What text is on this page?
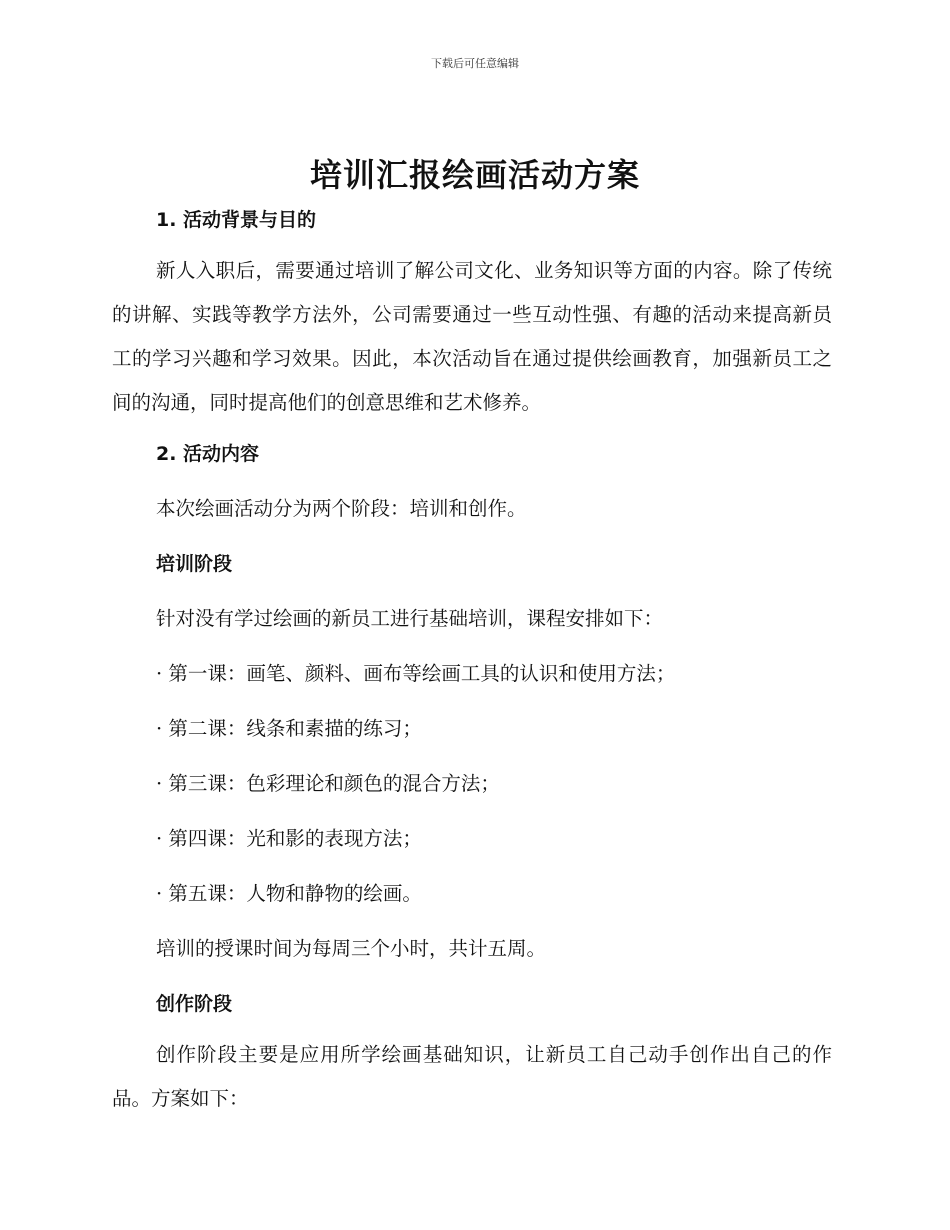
下载后可任意编辑
培训汇报绘画活动方案

1. 活动背景与目的

新人入职后，需要通过培训了解公司文化、业务知识等方面的内容。除了传统的讲解、实践等教学方法外，公司需要通过一些互动性强、有趣的活动来提高新员工的学习兴趣和学习效果。因此，本次活动旨在通过提供绘画教育，加强新员工之间的沟通，同时提高他们的创意思维和艺术修养。

2. 活动内容

本次绘画活动分为两个阶段：培训和创作。

培训阶段

针对没有学过绘画的新员工进行基础培训，课程安排如下：

· 第一课：画笔、颜料、画布等绘画工具的认识和使用方法；

· 第二课：线条和素描的练习；

· 第三课：色彩理论和颜色的混合方法；

· 第四课：光和影的表现方法；

· 第五课：人物和静物的绘画。

培训的授课时间为每周三个小时，共计五周。

创作阶段

创作阶段主要是应用所学绘画基础知识，让新员工自己动手创作出自己的作品。方案如下：
